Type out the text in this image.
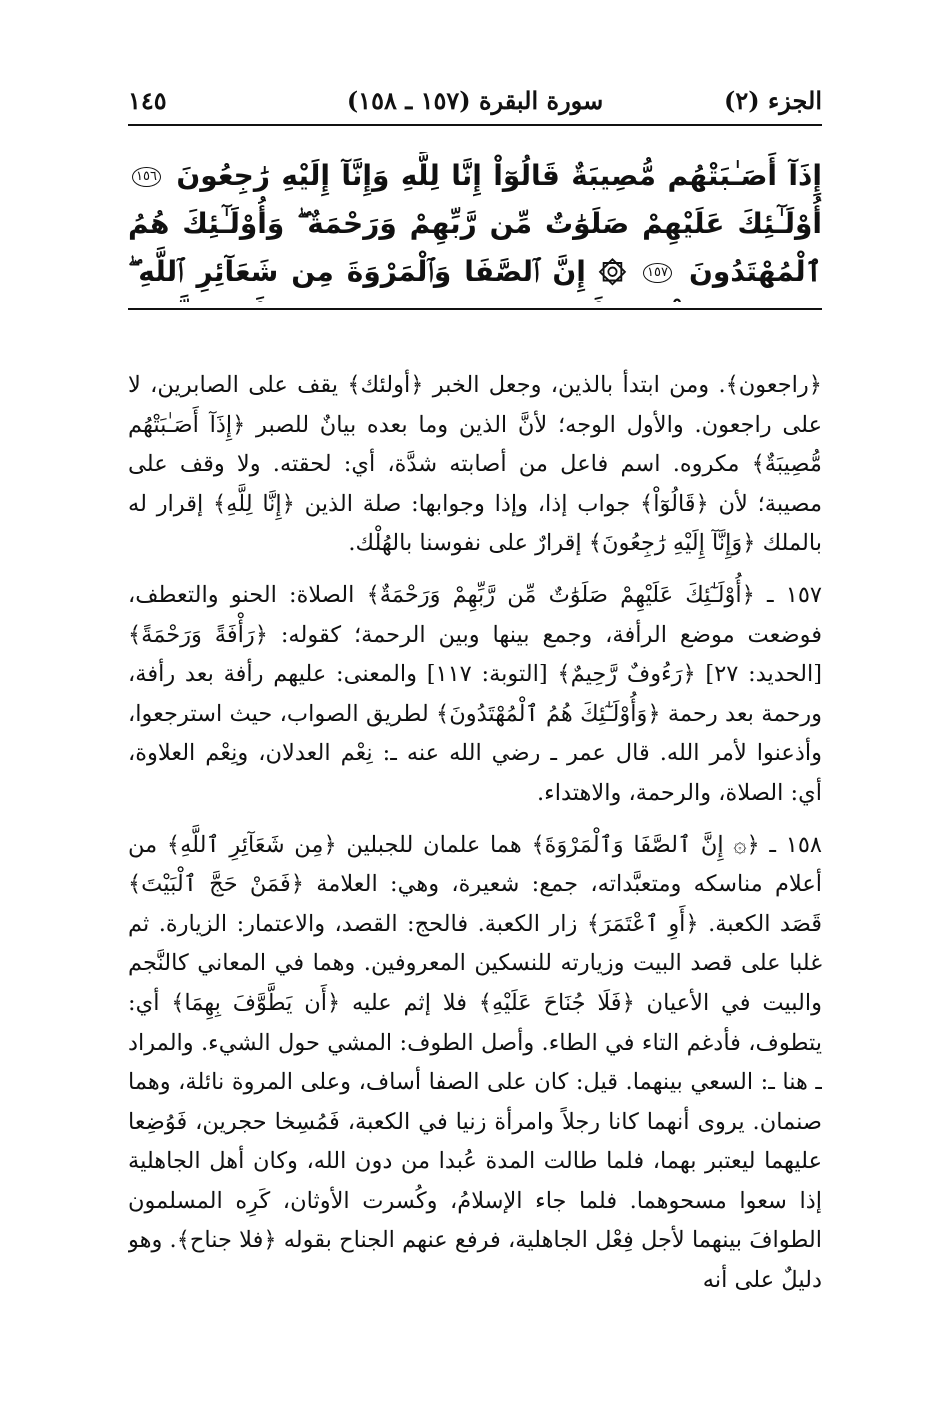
الجزء (٢)
سورة البقرة (١٥٧ ـ ١٥٨)
١٤٥
إِذَآ أَصَـٰبَتْهُم مُّصِيبَةٌ قَالُوٓاْ إِنَّا لِلَّهِ وَإِنَّآ إِلَيْهِ رَٰجِعُونَ ١٥٦ أُوْلَـٰٓئِكَ عَلَيْهِمْ صَلَوَٰتٌ مِّن رَّبِّهِمْ وَرَحْمَةٌ ۖ وَأُوْلَـٰٓئِكَ هُمُ ٱلْمُهْتَدُونَ ١٥٧ ۞ إِنَّ ٱلصَّفَا وَٱلْمَرْوَةَ مِن شَعَآئِرِ ٱللَّهِ ۖ

﴿راجعون﴾. ومن ابتدأ بالذين، وجعل الخبر ﴿أولئك﴾ يقف على الصابرين، لا على راجعون. والأول الوجه؛ لأنَّ الذين وما بعده بيانٌ للصبر ﴿إِذَآ أَصَـٰبَتْهُم مُّصِيبَةٌ﴾ مكروه. اسم فاعل من أصابته شدَّة، أي: لحقته. ولا وقف على مصيبة؛ لأن ﴿قَالُوٓاْ﴾ جواب إذا، وإذا وجوابها: صلة الذين ﴿إِنَّا لِلَّهِ﴾ إقرار له بالملك ﴿وَإِنَّآ إِلَيْهِ رَٰجِعُونَ﴾ إقرارٌ على نفوسنا بالهُلْك.

١٥٧ ـ ﴿أُوْلَـٰٓئِكَ عَلَيْهِمْ صَلَوَٰتٌ مِّن رَّبِّهِمْ وَرَحْمَةٌ﴾ الصلاة: الحنو والتعطف، فوضعت موضع الرأفة، وجمع بينها وبين الرحمة؛ كقوله: ﴿رَأْفَةً وَرَحْمَةً﴾ [الحديد: ٢٧] ﴿رَءُوفٌ رَّحِيمٌ﴾ [التوبة: ١١٧] والمعنى: عليهم رأفة بعد رأفة، ورحمة بعد رحمة ﴿وَأُوْلَـٰٓئِكَ هُمُ ٱلْمُهْتَدُونَ﴾ لطريق الصواب، حيث استرجعوا، وأذعنوا لأمر الله. قال عمر ـ رضي الله عنه ـ: نِعْم العدلان، ونِعْم العلاوة، أي: الصلاة، والرحمة، والاهتداء.

١٥٨ ـ ﴿۞ إِنَّ ٱلصَّفَا وَٱلْمَرْوَةَ﴾ هما علمان للجبلين ﴿مِن شَعَآئِرِ ٱللَّهِ﴾ من أعلام مناسكه ومتعبَّداته، جمع: شعيرة، وهي: العلامة ﴿فَمَنْ حَجَّ ٱلْبَيْتَ﴾ قَصَد الكعبة. ﴿أَوِ ٱعْتَمَرَ﴾ زار الكعبة. فالحج: القصد، والاعتمار: الزيارة. ثم غلبا على قصد البيت وزيارته للنسكين المعروفين. وهما في المعاني كالنَّجم والبيت في الأعيان ﴿فَلَا جُنَاحَ عَلَيْهِ﴾ فلا إثم عليه ﴿أَن يَطَّوَّفَ بِهِمَا﴾ أي: يتطوف، فأدغم التاء في الطاء. وأصل الطوف: المشي حول الشيء. والمراد ـ هنا ـ: السعي بينهما. قيل: كان على الصفا أساف، وعلى المروة نائلة، وهما صنمان. يروى أنهما كانا رجلاً وامرأة زنيا في الكعبة، فَمُسِخا حجرين، فَوُضِعا عليهما ليعتبر بهما، فلما طالت المدة عُبدا من دون الله، وكان أهل الجاهلية إذا سعوا مسحوهما. فلما جاء الإسلامُ، وكُسرت الأوثان، كَرِه المسلمون الطوافَ بينهما لأجل فِعْل الجاهلية، فرفع عنهم الجناح بقوله ﴿فلا جناح﴾. وهو دليلٌ على أنه
